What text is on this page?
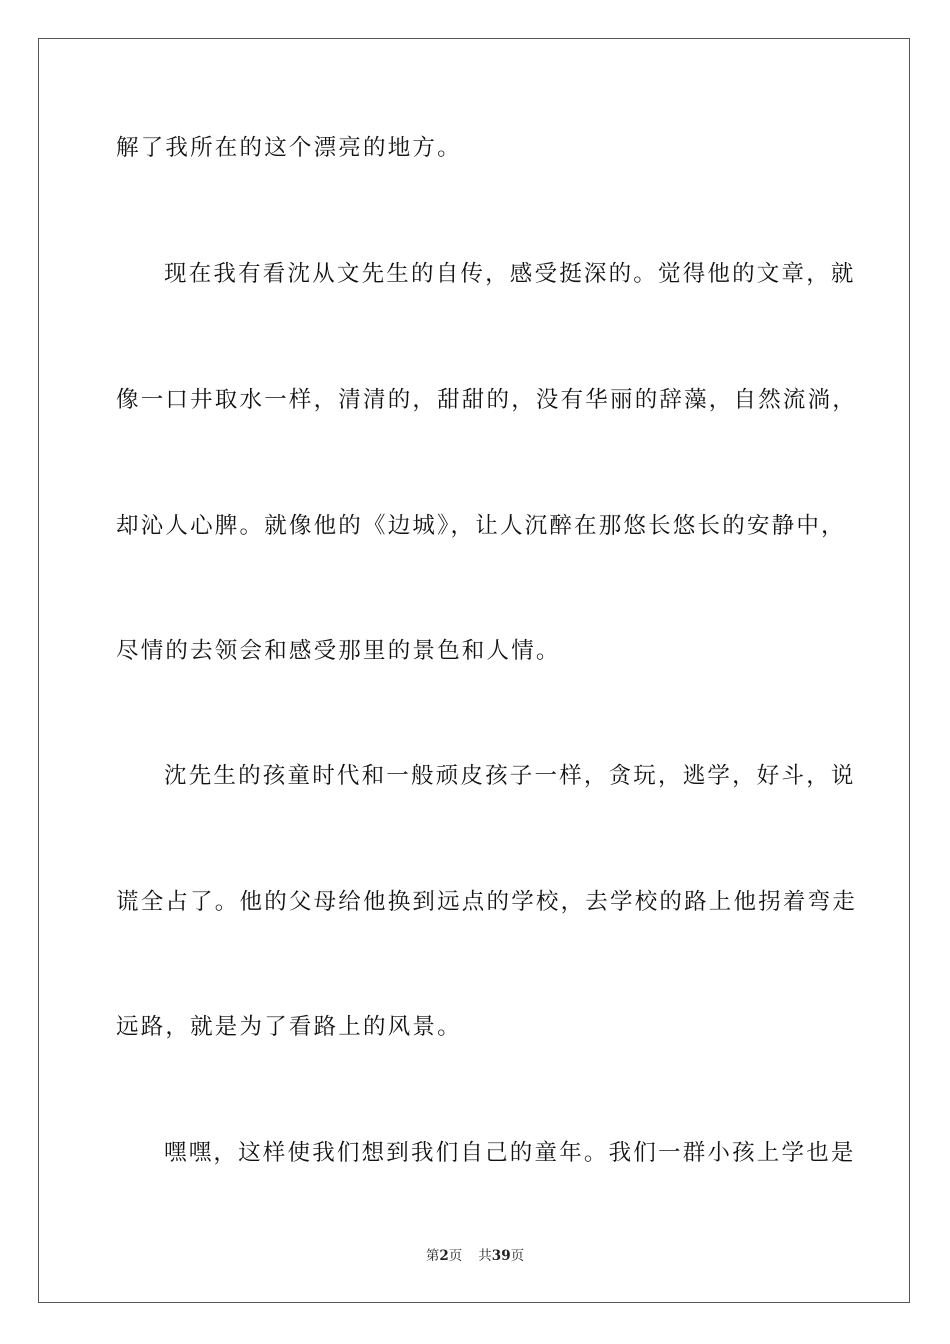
解了我所在的这个漂亮的地方。
现在我有看沈从文先生的自传，感受挺深的。觉得他的文章，就
像一口井取水一样，清清的，甜甜的，没有华丽的辞藻，自然流淌，
却沁人心脾。就像他的《边城》，让人沉醉在那悠长悠长的安静中，
尽情的去领会和感受那里的景色和人情。
沈先生的孩童时代和一般顽皮孩子一样，贪玩，逃学，好斗，说
谎全占了。他的父母给他换到远点的学校，去学校的路上他拐着弯走
远路，就是为了看路上的风景。
嘿嘿，这样使我们想到我们自己的童年。我们一群小孩上学也是
第2页 共39页
